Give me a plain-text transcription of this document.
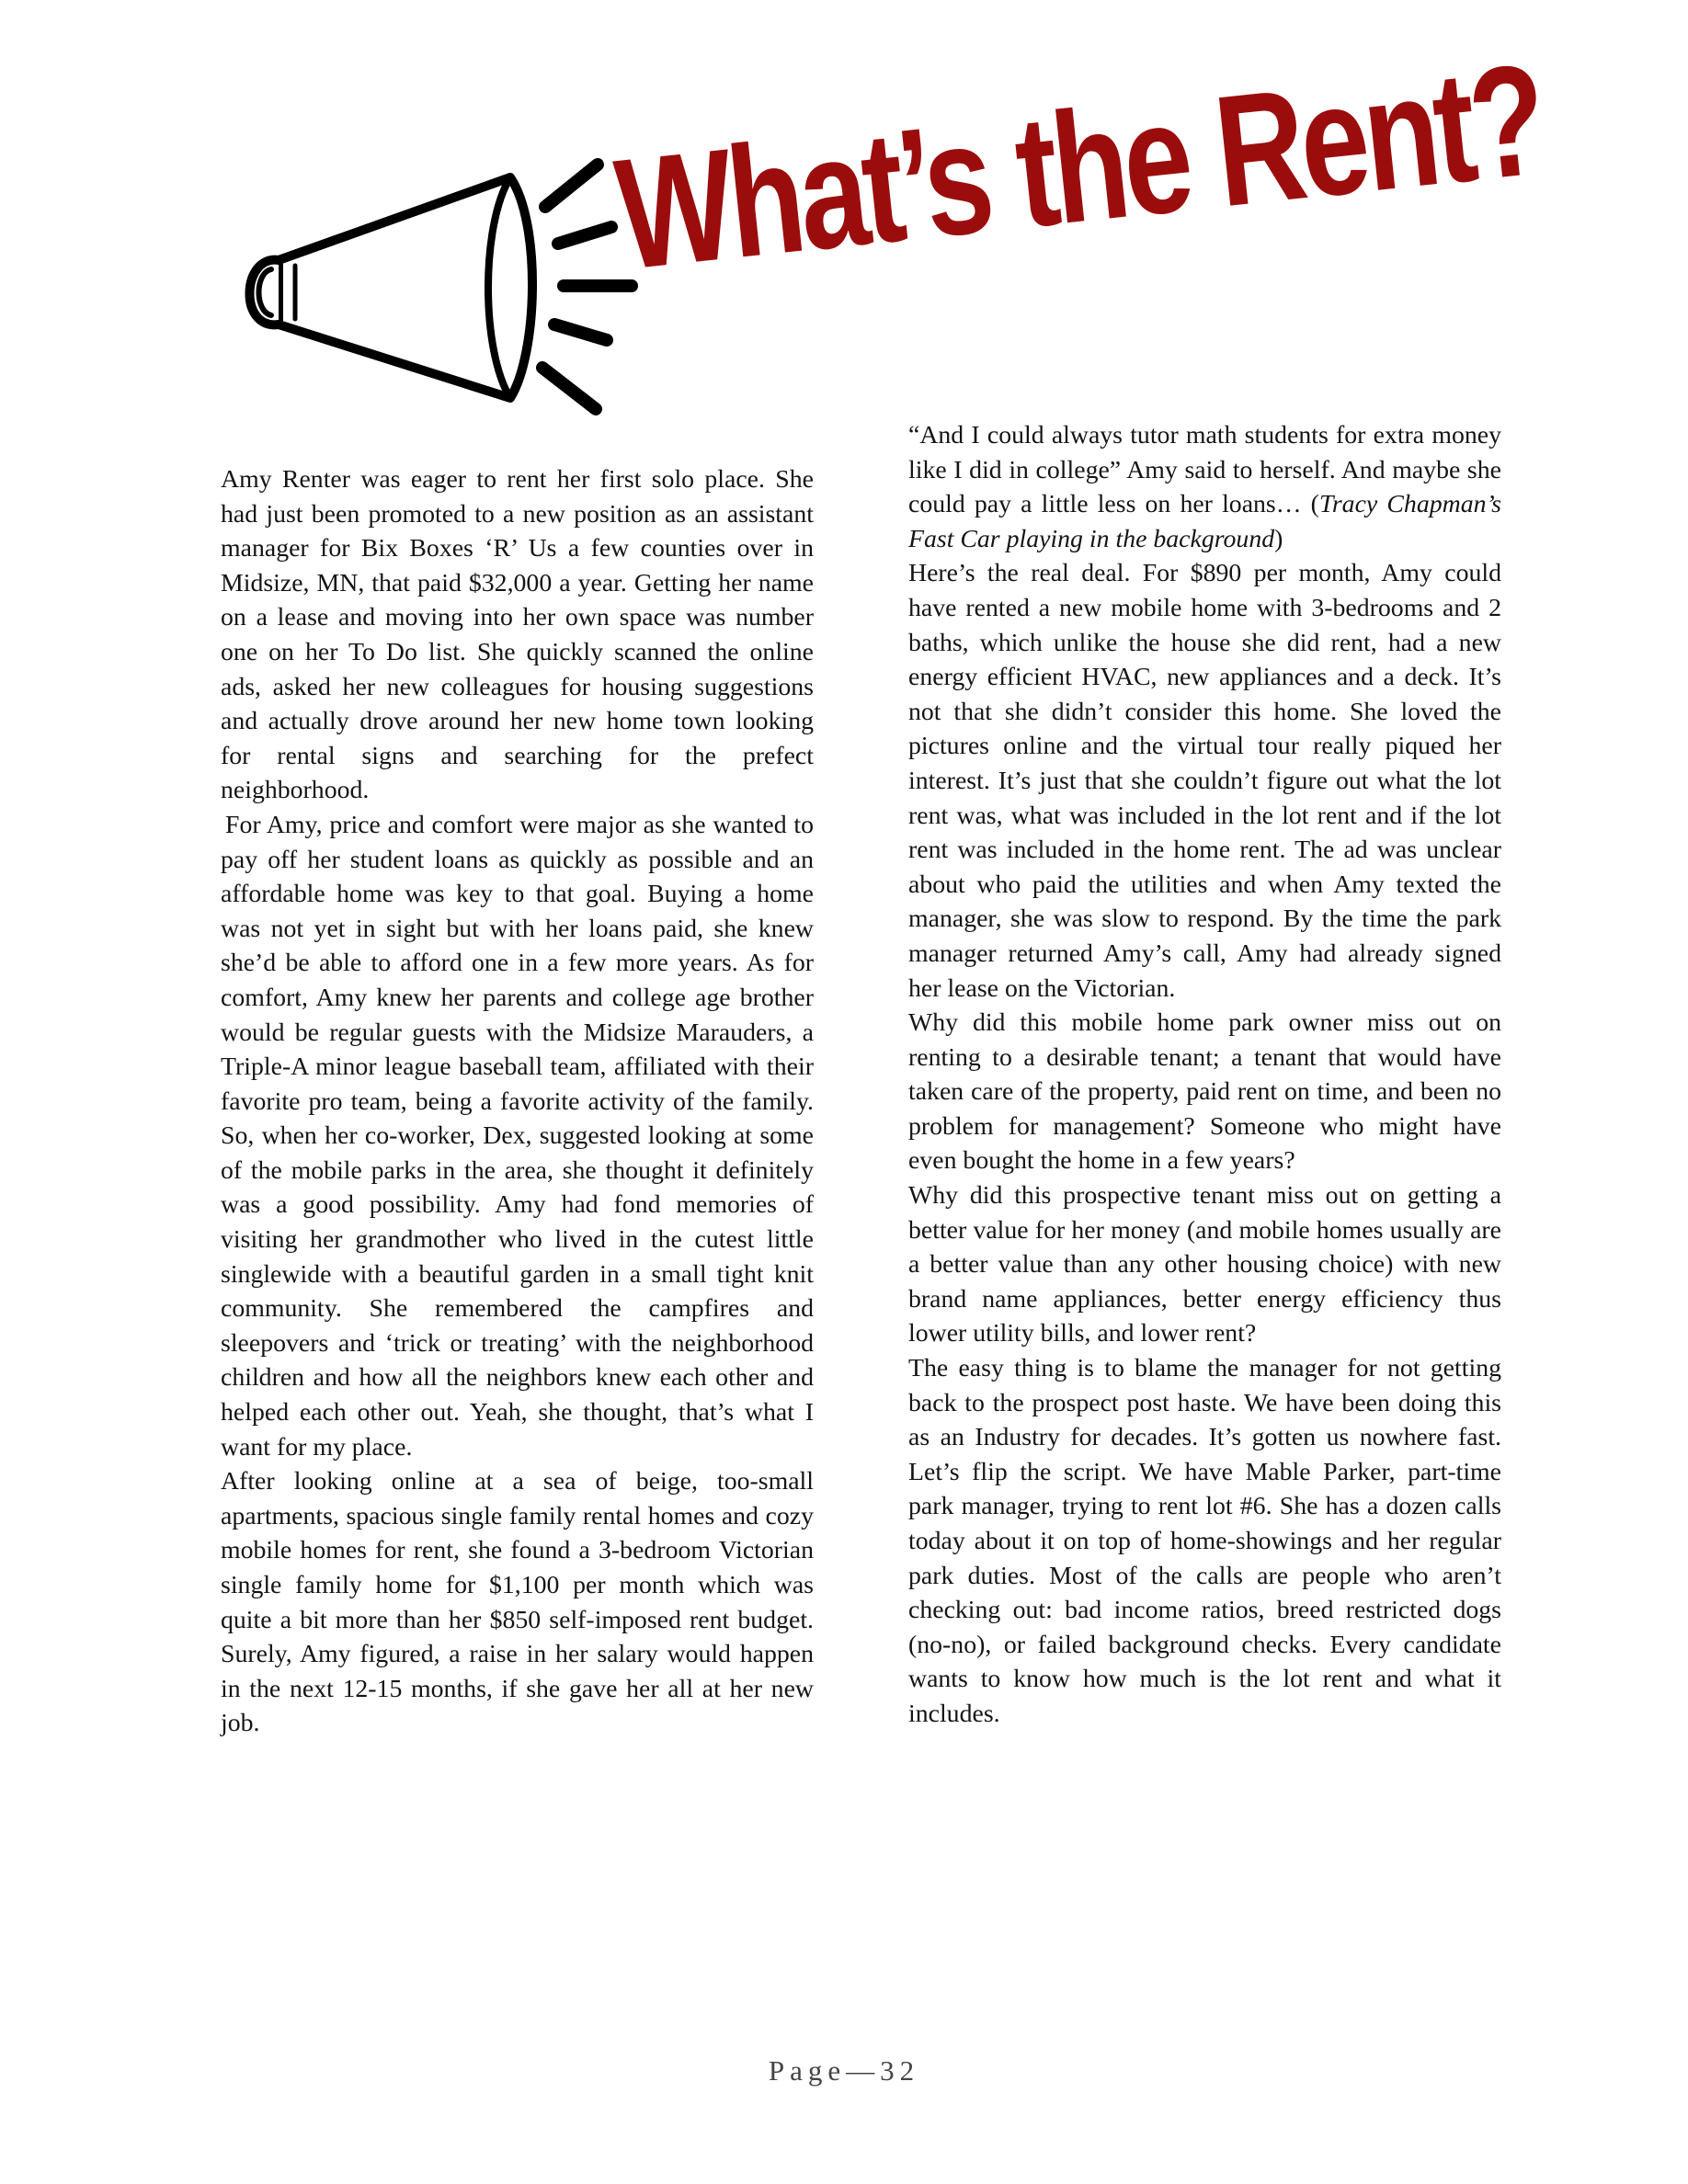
What’s the Rent?

Amy Renter was eager to rent her first solo place. She had just been promoted to a new position as an assistant manager for Bix Boxes ‘R’ Us a few counties over in Midsize, MN, that paid $32,000 a year. Getting her name on a lease and moving into her own space was number one on her To Do list. She quickly scanned the online ads, asked her new colleagues for housing suggestions and actually drove around her new home town looking for rental signs and searching for the prefect neighborhood.

For Amy, price and comfort were major as she wanted to pay off her student loans as quickly as possible and an affordable home was key to that goal. Buying a home was not yet in sight but with her loans paid, she knew she’d be able to afford one in a few more years. As for comfort, Amy knew her parents and college age brother would be regular guests with the Midsize Marauders, a Triple-A minor league baseball team, affiliated with their favorite pro team, being a favorite activity of the family. So, when her co-worker, Dex, suggested looking at some of the mobile parks in the area, she thought it definitely was a good possibility. Amy had fond memories of visiting her grandmother who lived in the cutest little singlewide with a beautiful garden in a small tight knit community. She remembered the campfires and sleepovers and ‘trick or treating’ with the neighborhood children and how all the neighbors knew each other and helped each other out. Yeah, she thought, that’s what I want for my place.

After looking online at a sea of beige, too-small apartments, spacious single family rental homes and cozy mobile homes for rent, she found a 3-bedroom Victorian single family home for $1,100 per month which was quite a bit more than her $850 self-imposed rent budget. Surely, Amy figured, a raise in her salary would happen in the next 12-15 months, if she gave her all at her new job.

“And I could always tutor math students for extra money like I did in college” Amy said to herself. And maybe she could pay a little less on her loans… (Tracy Chapman’s Fast Car playing in the background)

Here’s the real deal. For $890 per month, Amy could have rented a new mobile home with 3-bedrooms and 2 baths, which unlike the house she did rent, had a new energy efficient HVAC, new appliances and a deck. It’s not that she didn’t consider this home. She loved the pictures online and the virtual tour really piqued her interest. It’s just that she couldn’t figure out what the lot rent was, what was included in the lot rent and if the lot rent was included in the home rent. The ad was unclear about who paid the utilities and when Amy texted the manager, she was slow to respond. By the time the park manager returned Amy’s call, Amy had already signed her lease on the Victorian.

Why did this mobile home park owner miss out on renting to a desirable tenant; a tenant that would have taken care of the property, paid rent on time, and been no problem for management? Someone who might have even bought the home in a few years?

Why did this prospective tenant miss out on getting a better value for her money (and mobile homes usually are a better value than any other housing choice) with new brand name appliances, better energy efficiency thus lower utility bills, and lower rent?

The easy thing is to blame the manager for not getting back to the prospect post haste. We have been doing this as an Industry for decades. It’s gotten us nowhere fast. Let’s flip the script. We have Mable Parker, part-time park manager, trying to rent lot #6. She has a dozen calls today about it on top of home-showings and her regular park duties. Most of the calls are people who aren’t checking out: bad income ratios, breed restricted dogs (no-no), or failed background checks. Every candidate wants to know how much is the lot rent and what it includes.

Page—32
